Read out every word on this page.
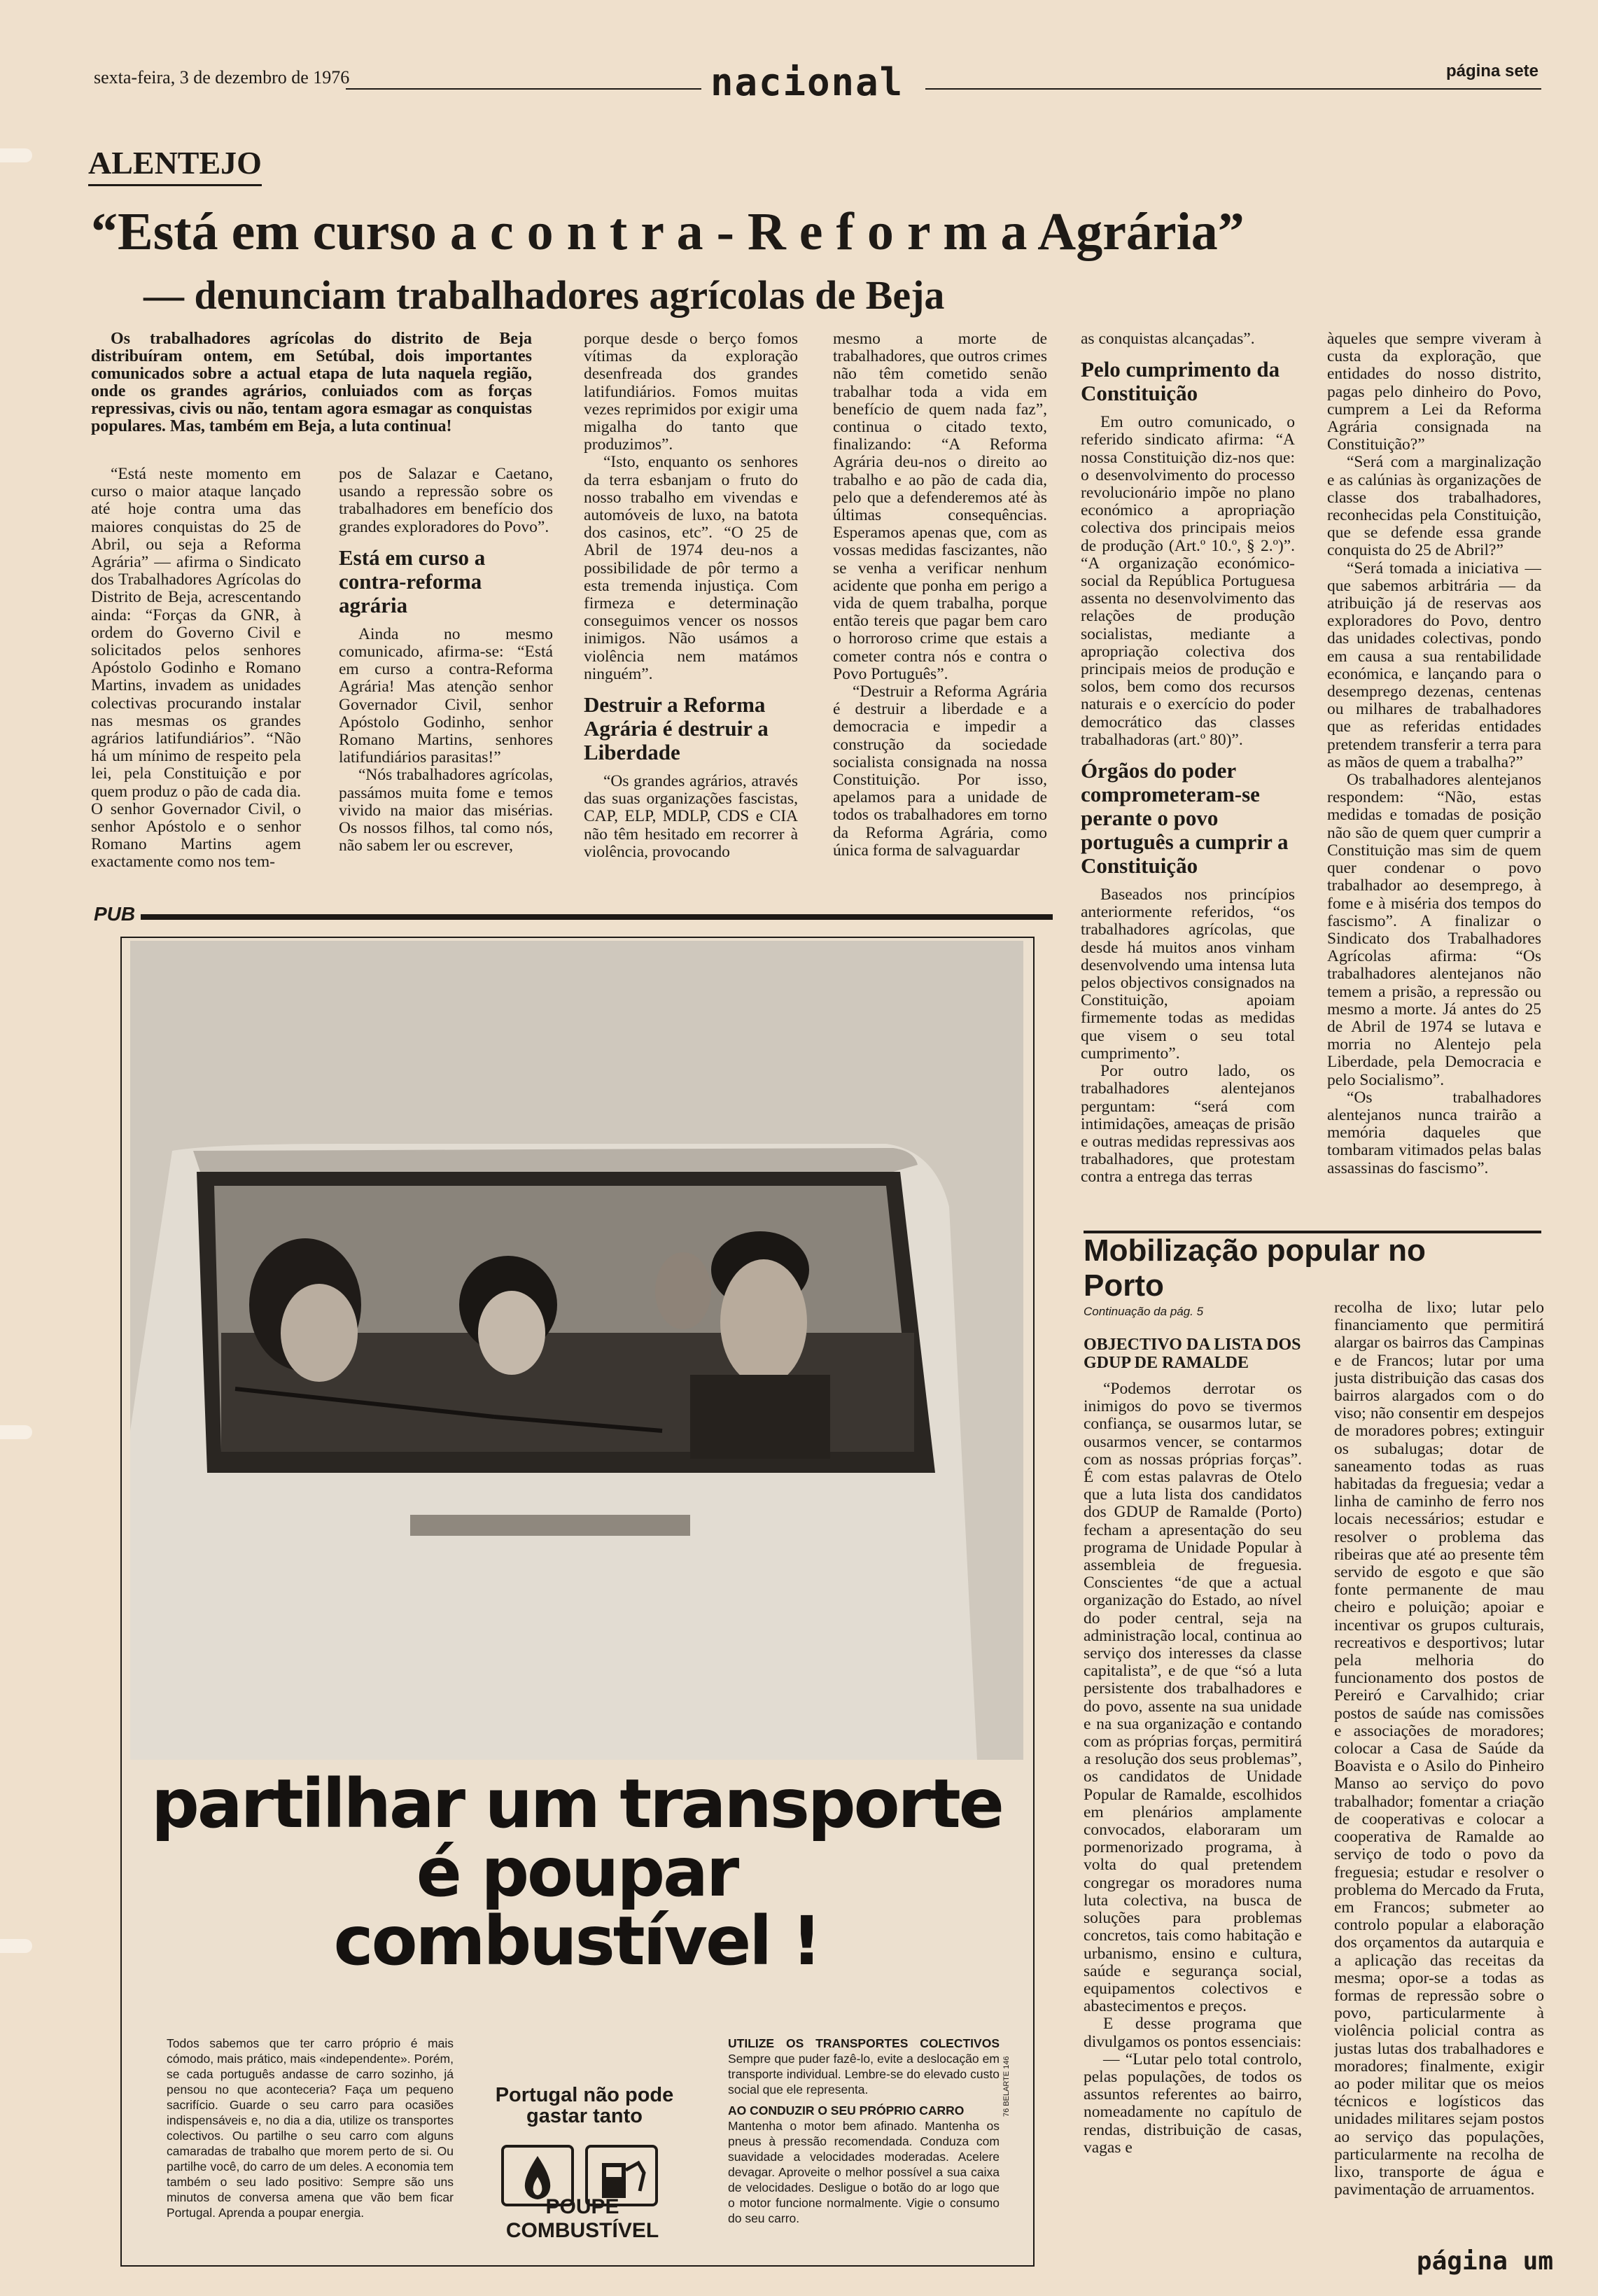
sexta-feira, 3 de dezembro de 1976	nacional	página sete
ALENTEJO
“Está em curso a c o n t r a - R e f o r m a Agrária”
— denunciam trabalhadores agrícolas de Beja

Os trabalhadores agrícolas do distrito de Beja distribuíram ontem, em Setúbal, dois importantes comunicados sobre a actual etapa de luta naquela região, onde os grandes agrários, conluiados com as forças repressivas, civis ou não, tentam agora esmagar as conquistas populares. Mas, também em Beja, a luta continua!

“Está neste momento em curso o maior ataque lançado até hoje contra uma das maiores conquistas do 25 de Abril, ou seja a Reforma Agrária” — afirma o Sindicato dos Trabalhadores Agrícolas do Distrito de Beja, acrescentando ainda: “Forças da GNR, à ordem do Governo Civil e solicitados pelos senhores Apóstolo Godinho e Romano Martins, invadem as unidades colectivas procurando instalar nas mesmas os grandes agrários latifundiários”. “Não há um mínimo de respeito pela lei, pela Constituição e por quem produz o pão de cada dia. O senhor Governador Civil, o senhor Apóstolo e o senhor Romano Martins agem exactamente como nos tem-

pos de Salazar e Caetano, usando a repressão sobre os trabalhadores em benefício dos grandes exploradores do Povo”.

Está em curso a contra-reforma agrária

Ainda no mesmo comunicado, afirma-se: “Está em curso a contra-Reforma Agrária! Mas atenção senhor Governador Civil, senhor Apóstolo Godinho, senhor Romano Martins, senhores latifundiários parasitas!”

“Nós trabalhadores agrícolas, passámos muita fome e temos vivido na maior das misérias. Os nossos filhos, tal como nós, não sabem ler ou escrever,

porque desde o berço fomos vítimas da exploração desenfreada dos grandes latifundiários. Fomos muitas vezes reprimidos por exigir uma migalha do tanto que produzimos”.

“Isto, enquanto os senhores da terra esbanjam o fruto do nosso trabalho em vivendas e automóveis de luxo, na batota dos casinos, etc”. “O 25 de Abril de 1974 deu-nos a possibilidade de pôr termo a esta tremenda injustiça. Com firmeza e determinação conseguimos vencer os nossos inimigos. Não usámos a violência nem matámos ninguém”.

Destruir a Reforma Agrária é destruir a Liberdade

“Os grandes agrários, através das suas organizações fascistas, CAP, ELP, MDLP, CDS e CIA não têm hesitado em recorrer à violência, provocando

mesmo a morte de trabalhadores, que outros crimes não têm cometido senão trabalhar toda a vida em benefício de quem nada faz”, continua o citado texto, finalizando: “A Reforma Agrária deu-nos o direito ao trabalho e ao pão de cada dia, pelo que a defenderemos até às últimas consequências. Esperamos apenas que, com as vossas medidas fascizantes, não se venha a verificar nenhum acidente que ponha em perigo a vida de quem trabalha, porque então tereis que pagar bem caro o horroroso crime que estais a cometer contra nós e contra o Povo Português”.

“Destruir a Reforma Agrária é destruir a liberdade e a democracia e impedir a construção da sociedade socialista consignada na nossa Constituição. Por isso, apelamos para a unidade de todos os trabalhadores em torno da Reforma Agrária, como única forma de salvaguardar

as conquistas alcançadas”.

Pelo cumprimento da Constituição

Em outro comunicado, o referido sindicato afirma: “A nossa Constituição diz-nos que: o desenvolvimento do processo revolucionário impõe no plano económico a apropriação colectiva dos principais meios de produção (Art.º 10.º, § 2.º)”. “A organização económico-social da República Portuguesa assenta no desenvolvimento das relações de produção socialistas, mediante a apropriação colectiva dos principais meios de produção e solos, bem como dos recursos naturais e o exercício do poder democrático das classes trabalhadoras (art.º 80)”.

Órgãos do poder comprometeram-se perante o povo português a cumprir a Constituição

Baseados nos princípios anteriormente referidos, “os trabalhadores agrícolas, que desde há muitos anos vinham desenvolvendo uma intensa luta pelos objectivos consignados na Constituição, apoiam firmemente todas as medidas que visem o seu total cumprimento”.

Por outro lado, os trabalhadores alentejanos perguntam: “será com intimidações, ameaças de prisão e outras medidas repressivas aos trabalhadores, que protestam contra a entrega das terras

àqueles que sempre viveram à custa da exploração, que entidades do nosso distrito, pagas pelo dinheiro do Povo, cumprem a Lei da Reforma Agrária consignada na Constituição?”

“Será com a marginalização e as calúnias às organizações de classe dos trabalhadores, reconhecidas pela Constituição, que se defende essa grande conquista do 25 de Abril?”

“Será tomada a iniciativa — que sabemos arbitrária — da atribuição já de reservas aos exploradores do Povo, dentro das unidades colectivas, pondo em causa a sua rentabilidade económica, e lançando para o desemprego dezenas, centenas ou milhares de trabalhadores que as referidas entidades pretendem transferir a terra para as mãos de quem a trabalha?”

Os trabalhadores alentejanos respondem: “Não, estas medidas e tomadas de posição não são de quem quer cumprir a Constituição mas sim de quem quer condenar o povo trabalhador ao desemprego, à fome e à miséria dos tempos do fascismo”. A finalizar o Sindicato dos Trabalhadores Agrícolas afirma: “Os trabalhadores alentejanos não temem a prisão, a repressão ou mesmo a morte. Já antes do 25 de Abril de 1974 se lutava e morria no Alentejo pela Liberdade, pela Democracia e pelo Socialismo”.

“Os trabalhadores alentejanos nunca trairão a memória daqueles que tombaram vitimados pelas balas assassinas do fascismo”.

PUB
partilhar um transporte
é poupar
combustível !
Todos sabemos que ter carro próprio é mais cómodo, mais prático, mais «independente». Porém, se cada português andasse de carro sozinho, já pensou no que aconteceria? Faça um pequeno sacrifício. Guarde o seu carro para ocasiões indispensáveis e, no dia a dia, utilize os transportes colectivos. Ou partilhe o seu carro com alguns camaradas de trabalho que morem perto de si. Ou partilhe você, do carro de um deles. A economia tem também o seu lado positivo: Sempre são uns minutos de conversa amena que vão bem ficar Portugal. Aprenda a poupar energia.
Portugal não pode gastar tanto
POUPE COMBUSTÍVEL
UTILIZE OS TRANSPORTES COLECTIVOS Sempre que puder fazê-lo, evite a deslocação em transporte individual. Lembre-se do elevado custo social que ele representa.
AO CONDUZIR O SEU PRÓPRIO CARRO
Mantenha o motor bem afinado. Mantenha os pneus à pressão recomendada. Conduza com suavidade a velocidades moderadas. Acelere devagar. Aproveite o melhor possível a sua caixa de velocidades. Desligue o botão do ar logo que o motor funcione normalmente. Vigie o consumo do seu carro.
76 BELARTE 146
Mobilização popular no Porto
Continuação da pág. 5
OBJECTIVO DA LISTA DOS GDUP DE RAMALDE

“Podemos derrotar os inimigos do povo se tivermos confiança, se ousarmos lutar, se ousarmos vencer, se contarmos com as nossas próprias forças”. É com estas palavras de Otelo que a luta lista dos candidatos dos GDUP de Ramalde (Porto) fecham a apresentação do seu programa de Unidade Popular à assembleia de freguesia. Conscientes “de que a actual organização do Estado, ao nível do poder central, seja na administração local, continua ao serviço dos interesses da classe capitalista”, e de que “só a luta persistente dos trabalhadores e do povo, assente na sua unidade e na sua organização e contando com as próprias forças, permitirá a resolução dos seus problemas”, os candidatos de Unidade Popular de Ramalde, escolhidos em plenários amplamente convocados, elaboraram um pormenorizado programa, à volta do qual pretendem congregar os moradores numa luta colectiva, na busca de soluções para problemas concretos, tais como habitação e urbanismo, ensino e cultura, saúde e segurança social, equipamentos colectivos e abastecimentos e preços.

E desse programa que divulgamos os pontos essenciais:

— “Lutar pelo total controlo, pelas populações, de todos os assuntos referentes ao bairro, nomeadamente no capítulo de rendas, distribuição de casas, vagas e

recolha de lixo; lutar pelo financiamento que permitirá alargar os bairros das Campinas e de Francos; lutar por uma justa distribuição das casas dos bairros alargados com o do viso; não consentir em despejos de moradores pobres; extinguir os subalugas; dotar de saneamento todas as ruas habitadas da freguesia; vedar a linha de caminho de ferro nos locais necessários; estudar e resolver o problema das ribeiras que até ao presente têm servido de esgoto e que são fonte permanente de mau cheiro e poluição; apoiar e incentivar os grupos culturais, recreativos e desportivos; lutar pela melhoria do funcionamento dos postos de Pereiró e Carvalhido; criar postos de saúde nas comissões e associações de moradores; colocar a Casa de Saúde da Boavista e o Asilo do Pinheiro Manso ao serviço do povo trabalhador; fomentar a criação de cooperativas e colocar a cooperativa de Ramalde ao serviço de todo o povo da freguesia; estudar e resolver o problema do Mercado da Fruta, em Francos; submeter ao controlo popular a elaboração dos orçamentos da autarquia e a aplicação das receitas da mesma; opor-se a todas as formas de repressão sobre o povo, particularmente à violência policial contra as justas lutas dos trabalhadores e moradores; finalmente, exigir ao poder militar que os meios técnicos e logísticos das unidades militares sejam postos ao serviço das populações, particularmente na recolha de lixo, transporte de água e pavimentação de arruamentos.

página um
